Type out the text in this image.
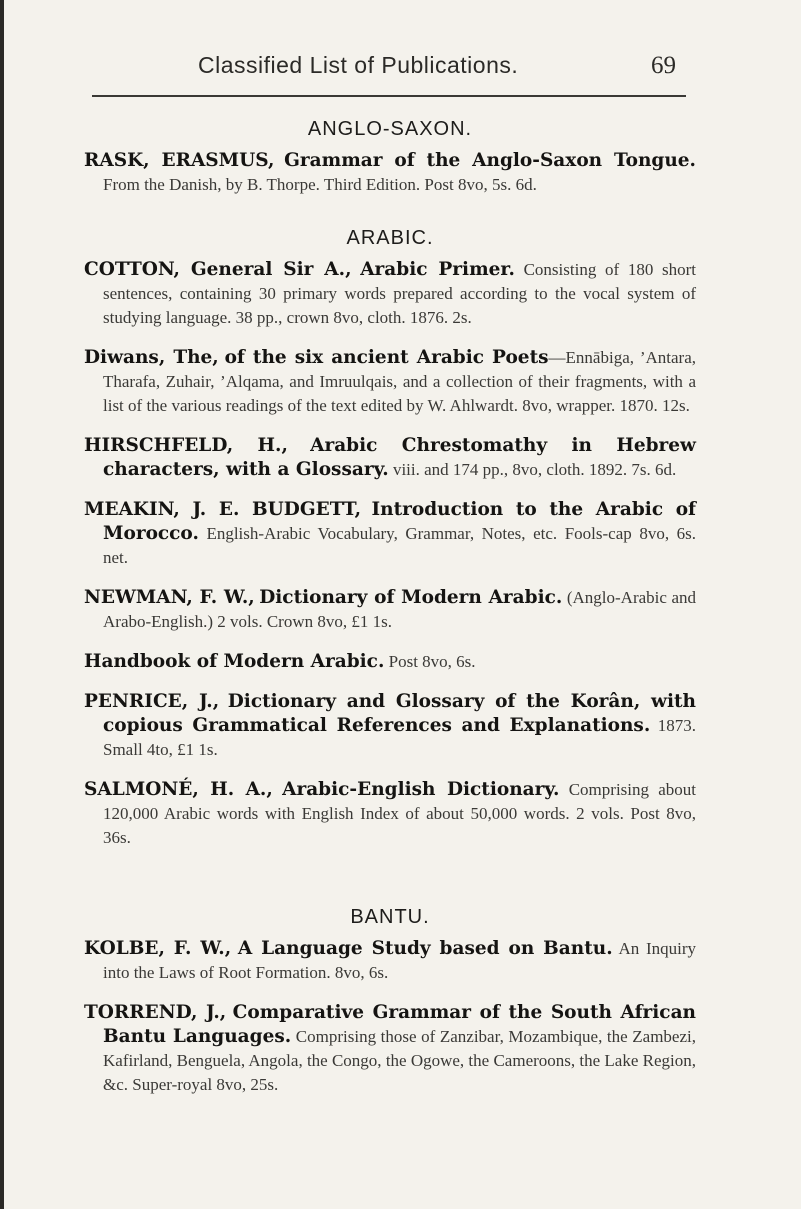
Classified List of Publications.	69
ANGLO-SAXON.

RASK, ERASMUS, Grammar of the Anglo-Saxon Tongue. From the Danish, by B. Thorpe. Third Edition. Post 8vo, 5s. 6d.

ARABIC.

COTTON, General Sir A., Arabic Primer. Consisting of 180 short sentences, containing 30 primary words prepared according to the vocal system of studying language. 38 pp., crown 8vo, cloth. 1876. 2s.

Diwans, The, of the six ancient Arabic Poets—Ennābiga, ’Antara, Tharafa, Zuhair, ’Alqama, and Imruulqais, and a collection of their fragments, with a list of the various readings of the text edited by W. Ahlwardt. 8vo, wrapper. 1870. 12s.

HIRSCHFELD, H., Arabic Chrestomathy in Hebrew characters, with a Glossary. viii. and 174 pp., 8vo, cloth. 1892. 7s. 6d.

MEAKIN, J. E. BUDGETT, Introduction to the Arabic of Morocco. English-Arabic Vocabulary, Grammar, Notes, etc. Fools-cap 8vo, 6s. net.

NEWMAN, F. W., Dictionary of Modern Arabic. (Anglo-Arabic and Arabo-English.) 2 vols. Crown 8vo, £1 1s.

Handbook of Modern Arabic. Post 8vo, 6s.

PENRICE, J., Dictionary and Glossary of the Korân, with copious Grammatical References and Explanations. 1873. Small 4to, £1 1s.

SALMONÉ, H. A., Arabic-English Dictionary. Comprising about 120,000 Arabic words with English Index of about 50,000 words. 2 vols. Post 8vo, 36s.

BANTU.

KOLBE, F. W., A Language Study based on Bantu. An Inquiry into the Laws of Root Formation. 8vo, 6s.

TORREND, J., Comparative Grammar of the South African Bantu Languages. Comprising those of Zanzibar, Mozambique, the Zambezi, Kafirland, Benguela, Angola, the Congo, the Ogowe, the Cameroons, the Lake Region, &c. Super-royal 8vo, 25s.
